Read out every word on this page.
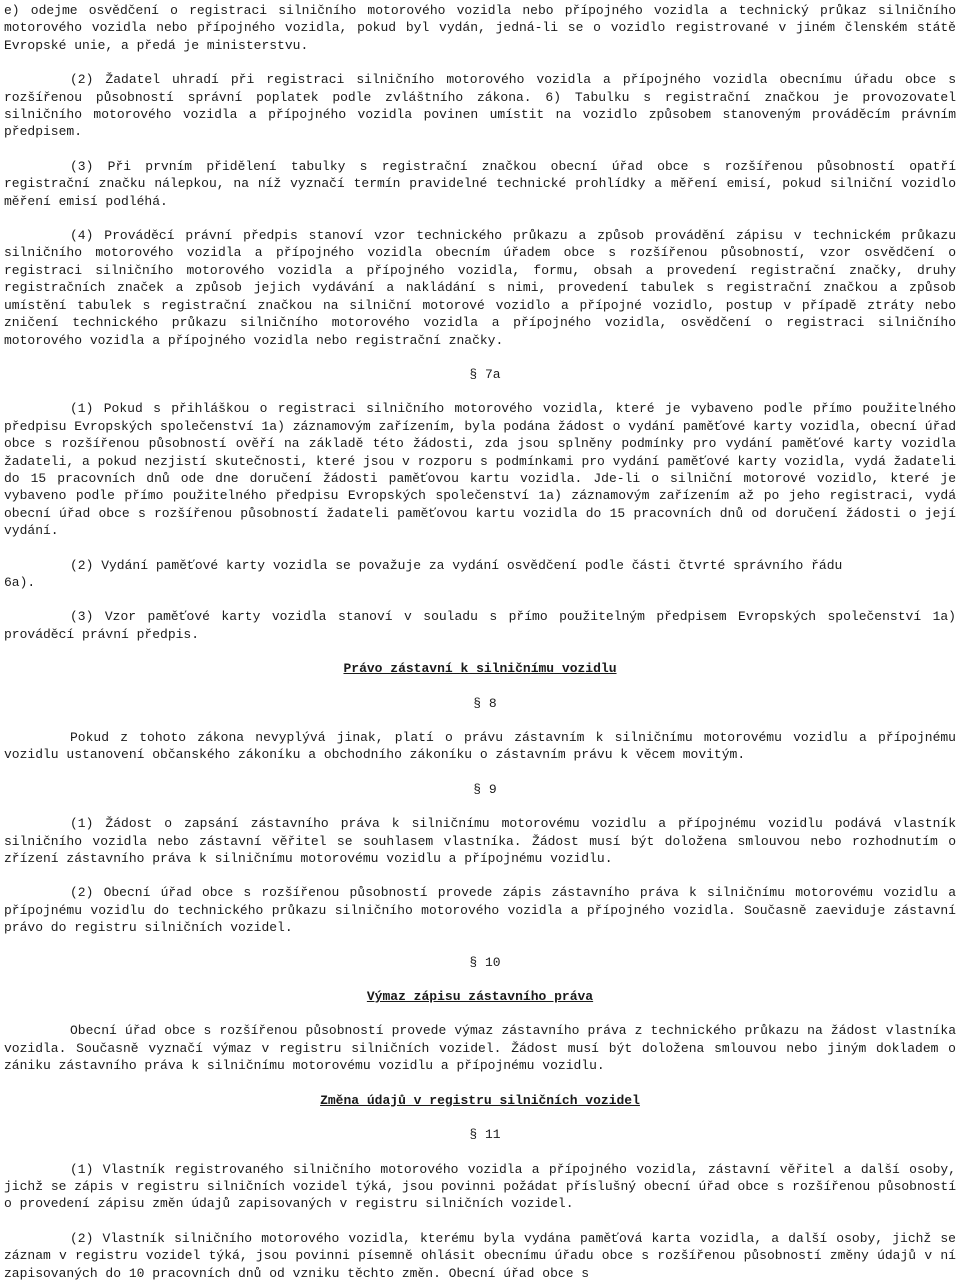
e) odejme osvědčení o registraci silničního motorového vozidla nebo přípojného vozidla a technický průkaz silničního motorového vozidla nebo přípojného vozidla, pokud byl vydán, jedná-li se o vozidlo registrované v jiném členském státě Evropské unie, a předá je ministerstvu.

(2) Žadatel uhradí při registraci silničního motorového vozidla a přípojného vozidla obecnímu úřadu obce s rozšířenou působností správní poplatek podle zvláštního zákona. 6) Tabulku s registrační značkou je provozovatel silničního motorového vozidla a přípojného vozidla povinen umístit na vozidlo způsobem stanoveným prováděcím právním předpisem.

(3) Při prvním přidělení tabulky s registrační značkou obecní úřad obce s rozšířenou působností opatří registrační značku nálepkou, na níž vyznačí termín pravidelné technické prohlídky a měření emisí, pokud silniční vozidlo měření emisí podléhá.

(4) Prováděcí právní předpis stanoví vzor technického průkazu a způsob provádění zápisu v technickém průkazu silničního motorového vozidla a přípojného vozidla obecním úřadem obce s rozšířenou působností, vzor osvědčení o registraci silničního motorového vozidla a přípojného vozidla, formu, obsah a provedení registrační značky, druhy registračních značek a způsob jejich vydávání a nakládání s nimi, provedení tabulek s registrační značkou a způsob umístění tabulek s registrační značkou na silniční motorové vozidlo a přípojné vozidlo, postup v případě ztráty nebo zničení technického průkazu silničního motorového vozidla a přípojného vozidla, osvědčení o registraci silničního motorového vozidla a přípojného vozidla nebo registrační značky.

§ 7a

(1) Pokud s přihláškou o registraci silničního motorového vozidla, které je vybaveno podle přímo použitelného předpisu Evropských společenství 1a) záznamovým zařízením, byla podána žádost o vydání paměťové karty vozidla, obecní úřad obce s rozšířenou působností ověří na základě této žádosti, zda jsou splněny podmínky pro vydání paměťové karty vozidla žadateli, a pokud nezjistí skutečnosti, které jsou v rozporu s podmínkami pro vydání paměťové karty vozidla, vydá žadateli do 15 pracovních dnů ode dne doručení žádosti paměťovou kartu vozidla. Jde-li o silniční motorové vozidlo, které je vybaveno podle přímo použitelného předpisu Evropských společenství 1a) záznamovým zařízením až po jeho registraci, vydá obecní úřad obce s rozšířenou působností žadateli paměťovou kartu vozidla do 15 pracovních dnů od doručení žádosti o její vydání.

(2) Vydání paměťové karty vozidla se považuje za vydání osvědčení podle části čtvrté správního řádu

6a).

(3) Vzor paměťové karty vozidla stanoví v souladu s přímo použitelným předpisem Evropských společenství 1a) prováděcí právní předpis.

Právo zástavní k silničnímu vozidlu
§ 8

Pokud z tohoto zákona nevyplývá jinak, platí o právu zástavním k silničnímu motorovému vozidlu a přípojnému vozidlu ustanovení občanského zákoníku a obchodního zákoníku o zástavním právu k věcem movitým.

§ 9

(1) Žádost o zapsání zástavního práva k silničnímu motorovému vozidlu a přípojnému vozidlu podává vlastník silničního vozidla nebo zástavní věřitel se souhlasem vlastníka. Žádost musí být doložena smlouvou nebo rozhodnutím o zřízení zástavního práva k silničnímu motorovému vozidlu a přípojnému vozidlu.

(2) Obecní úřad obce s rozšířenou působností provede zápis zástavního práva k silničnímu motorovému vozidlu a přípojnému vozidlu do technického průkazu silničního motorového vozidla a přípojného vozidla. Současně zaeviduje zástavní právo do registru silničních vozidel.

§ 10
Výmaz zápisu zástavního práva

Obecní úřad obce s rozšířenou působností provede výmaz zástavního práva z technického průkazu na žádost vlastníka vozidla. Současně vyznačí výmaz v registru silničních vozidel. Žádost musí být doložena smlouvou nebo jiným dokladem o zániku zástavního práva k silničnímu motorovému vozidlu a přípojnému vozidlu.

Změna údajů v registru silničních vozidel
§ 11

(1) Vlastník registrovaného silničního motorového vozidla a přípojného vozidla, zástavní věřitel a další osoby, jichž se zápis v registru silničních vozidel týká, jsou povinni požádat příslušný obecní úřad obce s rozšířenou působností o provedení zápisu změn údajů zapisovaných v registru silničních vozidel.

(2) Vlastník silničního motorového vozidla, kterému byla vydána paměťová karta vozidla, a další osoby, jichž se záznam v registru vozidel týká, jsou povinni písemně ohlásit obecnímu úřadu obce s rozšířenou působností změny údajů v ní zapisovaných do 10 pracovních dnů od vzniku těchto změn. Obecní úřad obce s
